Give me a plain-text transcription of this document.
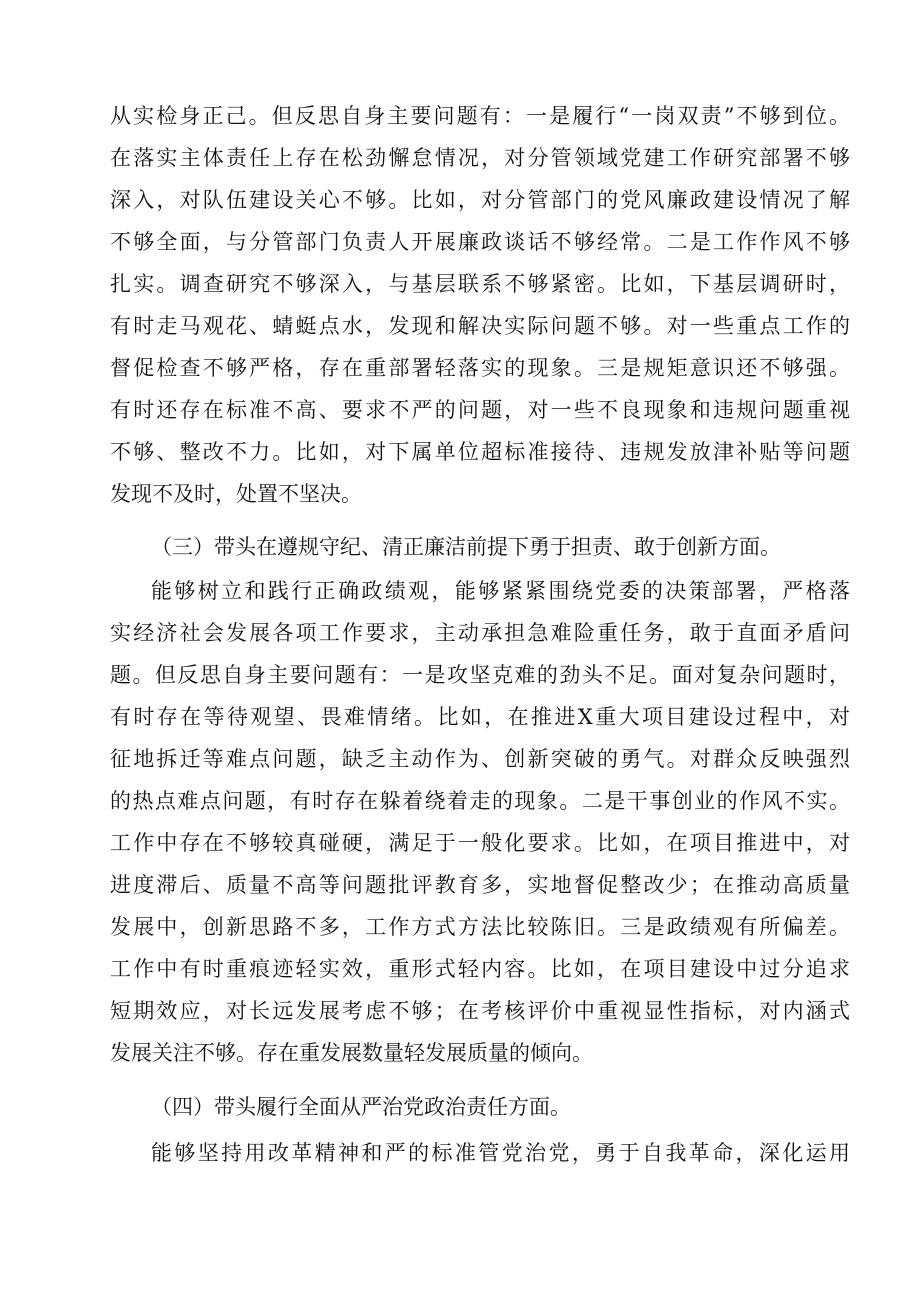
从实检身正己。但反思自身主要问题有：一是履行“一岗双责”不够到位。
在落实主体责任上存在松劲懈怠情况，对分管领域党建工作研究部署不够
深入，对队伍建设关心不够。比如，对分管部门的党风廉政建设情况了解
不够全面，与分管部门负责人开展廉政谈话不够经常。二是工作作风不够
扎实。调查研究不够深入，与基层联系不够紧密。比如，下基层调研时，
有时走马观花、蜻蜓点水，发现和解决实际问题不够。对一些重点工作的
督促检查不够严格，存在重部署轻落实的现象。三是规矩意识还不够强。
有时还存在标准不高、要求不严的问题，对一些不良现象和违规问题重视
不够、整改不力。比如，对下属单位超标准接待、违规发放津补贴等问题
发现不及时，处置不坚决。
（三）带头在遵规守纪、清正廉洁前提下勇于担责、敢于创新方面。
能够树立和践行正确政绩观，能够紧紧围绕党委的决策部署，严格落
实经济社会发展各项工作要求，主动承担急难险重任务，敢于直面矛盾问
题。但反思自身主要问题有：一是攻坚克难的劲头不足。面对复杂问题时，
有时存在等待观望、畏难情绪。比如，在推进X重大项目建设过程中，对
征地拆迁等难点问题，缺乏主动作为、创新突破的勇气。对群众反映强烈
的热点难点问题，有时存在躲着绕着走的现象。二是干事创业的作风不实。
工作中存在不够较真碰硬，满足于一般化要求。比如，在项目推进中，对
进度滞后、质量不高等问题批评教育多，实地督促整改少；在推动高质量
发展中，创新思路不多，工作方式方法比较陈旧。三是政绩观有所偏差。
工作中有时重痕迹轻实效，重形式轻内容。比如，在项目建设中过分追求
短期效应，对长远发展考虑不够；在考核评价中重视显性指标，对内涵式
发展关注不够。存在重发展数量轻发展质量的倾向。
（四）带头履行全面从严治党政治责任方面。
能够坚持用改革精神和严的标准管党治党，勇于自我革命，深化运用
